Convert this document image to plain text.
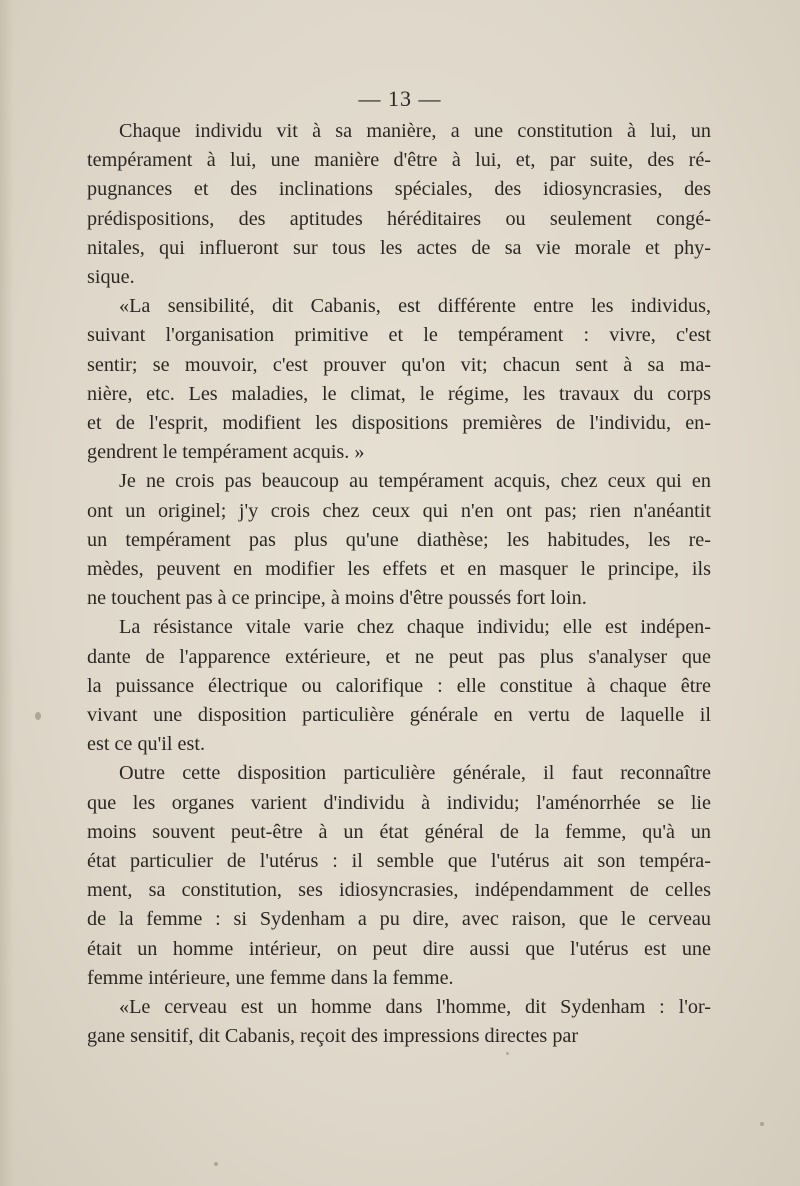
— 13 —

Chaque individu vit à sa manière, a une constitution à lui, un
tempérament à lui, une manière d'être à lui, et, par suite, des ré-
pugnances et des inclinations spéciales, des idiosyncrasies, des
prédispositions, des aptitudes héréditaires ou seulement congé-
nitales, qui influeront sur tous les actes de sa vie morale et phy-
sique.

«La sensibilité, dit Cabanis, est différente entre les individus,
suivant l'organisation primitive et le tempérament : vivre, c'est
sentir; se mouvoir, c'est prouver qu'on vit; chacun sent à sa ma-
nière, etc. Les maladies, le climat, le régime, les travaux du corps
et de l'esprit, modifient les dispositions premières de l'individu, en-
gendrent le tempérament acquis. »

Je ne crois pas beaucoup au tempérament acquis, chez ceux qui en
ont un originel; j'y crois chez ceux qui n'en ont pas; rien n'anéantit
un tempérament pas plus qu'une diathèse; les habitudes, les re-
mèdes, peuvent en modifier les effets et en masquer le principe, ils
ne touchent pas à ce principe, à moins d'être poussés fort loin.

La résistance vitale varie chez chaque individu; elle est indépen-
dante de l'apparence extérieure, et ne peut pas plus s'analyser que
la puissance électrique ou calorifique : elle constitue à chaque être
vivant une disposition particulière générale en vertu de laquelle il
est ce qu'il est.

Outre cette disposition particulière générale, il faut reconnaître
que les organes varient d'individu à individu; l'aménorrhée se lie
moins souvent peut-être à un état général de la femme, qu'à un
état particulier de l'utérus : il semble que l'utérus ait son tempéra-
ment, sa constitution, ses idiosyncrasies, indépendamment de celles
de la femme : si Sydenham a pu dire, avec raison, que le cerveau
était un homme intérieur, on peut dire aussi que l'utérus est une
femme intérieure, une femme dans la femme.

«Le cerveau est un homme dans l'homme, dit Sydenham : l'or-
gane sensitif, dit Cabanis, reçoit des impressions directes par
